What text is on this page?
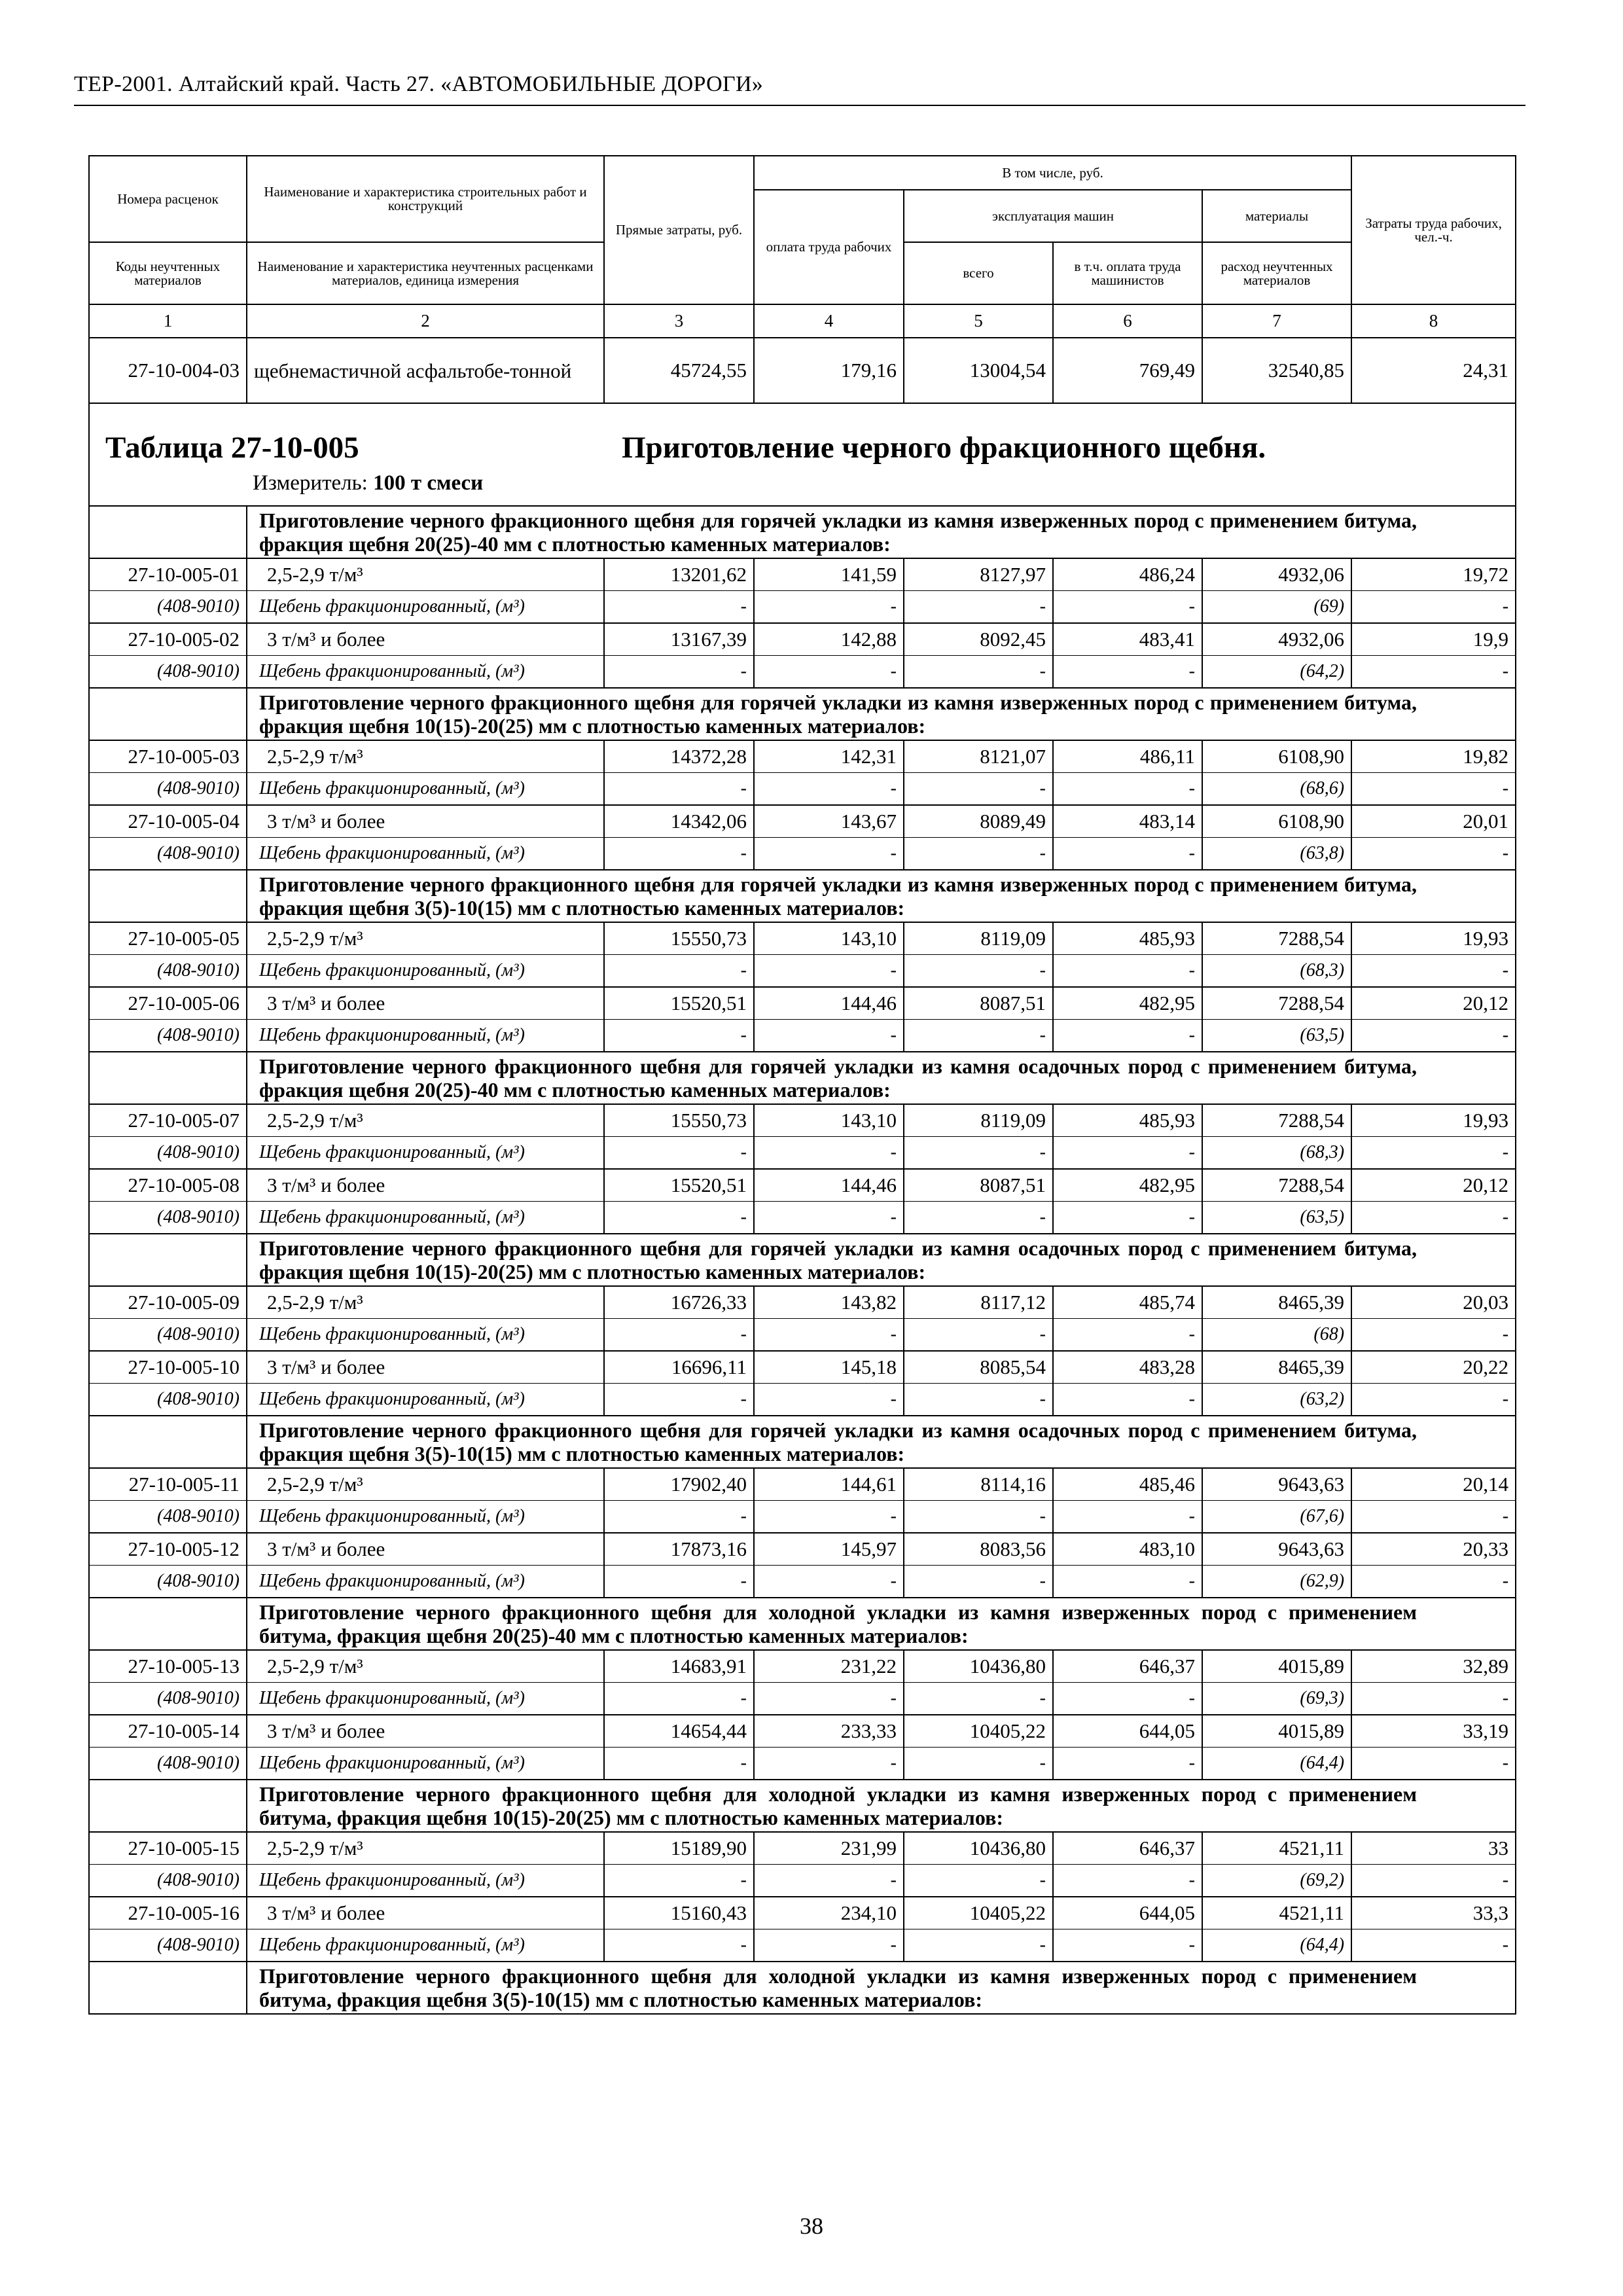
ТЕР-2001. Алтайский край. Часть 27. «АВТОМОБИЛЬНЫЕ ДОРОГИ»
Номера расценок	Наименование и характеристика строительных работ и конструкций	Прямые затраты, руб.	В том числе, руб.				Затраты труда рабочих, чел.-ч.
			оплата труда рабочих	эксплуатация машин		материалы	
Коды неучтенных материалов	Наименование и характеристика неучтенных расценками материалов, единица измерения			всего	в т.ч. оплата труда машинистов	расход неучтенных материалов	
1	2	3	4	5	6	7	8
27-10-004-03	щебнемастичной асфальтобе-тонной	45724,55	179,16	13004,54	769,49	32540,85	24,31

Таблица 27-10-005 Приготовление черного фракционного щебня.
Измеритель: 100 т смеси							

	Приготовление черного фракционного щебня для горячей укладки из камня изверженных пород с применением битума, фракция щебня 20(25)-40 мм с плотностью каменных материалов:						
27-10-005-01	2,5-2,9 т/м³	13201,62	141,59	8127,97	486,24	4932,06	19,72
(408-9010)	Щебень фракционированный, (м³)	-	-	-	-	(69)	-
27-10-005-02	3 т/м³ и более	13167,39	142,88	8092,45	483,41	4932,06	19,9
(408-9010)	Щебень фракционированный, (м³)	-	-	-	-	(64,2)	-
	Приготовление черного фракционного щебня для горячей укладки из камня изверженных пород с применением битума, фракция щебня 10(15)-20(25) мм с плотностью каменных материалов:						
27-10-005-03	2,5-2,9 т/м³	14372,28	142,31	8121,07	486,11	6108,90	19,82
(408-9010)	Щебень фракционированный, (м³)	-	-	-	-	(68,6)	-
27-10-005-04	3 т/м³ и более	14342,06	143,67	8089,49	483,14	6108,90	20,01
(408-9010)	Щебень фракционированный, (м³)	-	-	-	-	(63,8)	-
	Приготовление черного фракционного щебня для горячей укладки из камня изверженных пород с применением битума, фракция щебня 3(5)-10(15) мм с плотностью каменных материалов:						
27-10-005-05	2,5-2,9 т/м³	15550,73	143,10	8119,09	485,93	7288,54	19,93
(408-9010)	Щебень фракционированный, (м³)	-	-	-	-	(68,3)	-
27-10-005-06	3 т/м³ и более	15520,51	144,46	8087,51	482,95	7288,54	20,12
(408-9010)	Щебень фракционированный, (м³)	-	-	-	-	(63,5)	-
	Приготовление черного фракционного щебня для горячей укладки из камня осадочных пород с применением битума, фракция щебня 20(25)-40 мм с плотностью каменных материалов:						
27-10-005-07	2,5-2,9 т/м³	15550,73	143,10	8119,09	485,93	7288,54	19,93
(408-9010)	Щебень фракционированный, (м³)	-	-	-	-	(68,3)	-
27-10-005-08	3 т/м³ и более	15520,51	144,46	8087,51	482,95	7288,54	20,12
(408-9010)	Щебень фракционированный, (м³)	-	-	-	-	(63,5)	-
	Приготовление черного фракционного щебня для горячей укладки из камня осадочных пород с применением битума, фракция щебня 10(15)-20(25) мм с плотностью каменных материалов:						
27-10-005-09	2,5-2,9 т/м³	16726,33	143,82	8117,12	485,74	8465,39	20,03
(408-9010)	Щебень фракционированный, (м³)	-	-	-	-	(68)	-
27-10-005-10	3 т/м³ и более	16696,11	145,18	8085,54	483,28	8465,39	20,22
(408-9010)	Щебень фракционированный, (м³)	-	-	-	-	(63,2)	-
	Приготовление черного фракционного щебня для горячей укладки из камня осадочных пород с применением битума, фракция щебня 3(5)-10(15) мм с плотностью каменных материалов:						
27-10-005-11	2,5-2,9 т/м³	17902,40	144,61	8114,16	485,46	9643,63	20,14
(408-9010)	Щебень фракционированный, (м³)	-	-	-	-	(67,6)	-
27-10-005-12	3 т/м³ и более	17873,16	145,97	8083,56	483,10	9643,63	20,33
(408-9010)	Щебень фракционированный, (м³)	-	-	-	-	(62,9)	-
	Приготовление черного фракционного щебня для холодной укладки из камня изверженных пород с применением битума, фракция щебня 20(25)-40 мм с плотностью каменных материалов:						
27-10-005-13	2,5-2,9 т/м³	14683,91	231,22	10436,80	646,37	4015,89	32,89
(408-9010)	Щебень фракционированный, (м³)	-	-	-	-	(69,3)	-
27-10-005-14	3 т/м³ и более	14654,44	233,33	10405,22	644,05	4015,89	33,19
(408-9010)	Щебень фракционированный, (м³)	-	-	-	-	(64,4)	-
	Приготовление черного фракционного щебня для холодной укладки из камня изверженных пород с применением битума, фракция щебня 10(15)-20(25) мм с плотностью каменных материалов:						
27-10-005-15	2,5-2,9 т/м³	15189,90	231,99	10436,80	646,37	4521,11	33
(408-9010)	Щебень фракционированный, (м³)	-	-	-	-	(69,2)	-
27-10-005-16	3 т/м³ и более	15160,43	234,10	10405,22	644,05	4521,11	33,3
(408-9010)	Щебень фракционированный, (м³)	-	-	-	-	(64,4)	-
	Приготовление черного фракционного щебня для холодной укладки из камня изверженных пород с применением битума, фракция щебня 3(5)-10(15) мм с плотностью каменных материалов:						
38
